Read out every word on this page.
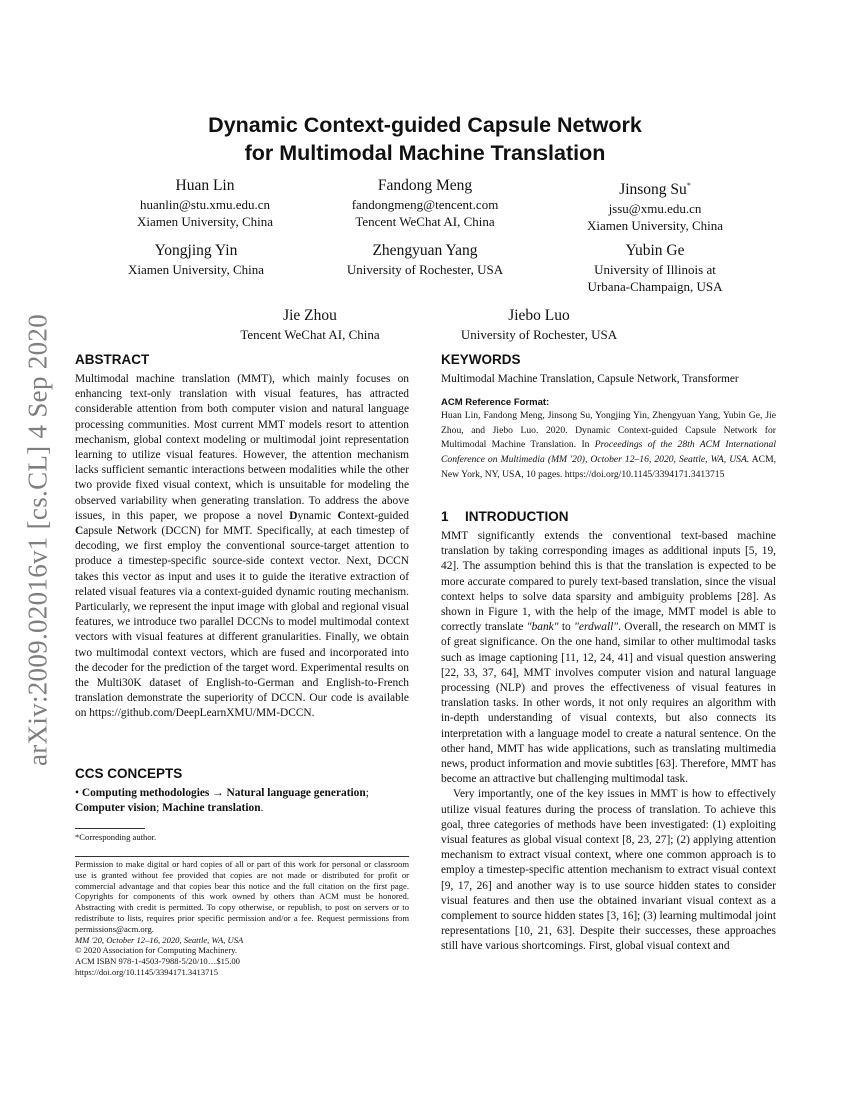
arXiv:2009.02016v1 [cs.CL] 4 Sep 2020
Dynamic Context-guided Capsule Network
for Multimodal Machine Translation
Huan Lin
huanlin@stu.xmu.edu.cn
Xiamen University, China
Fandong Meng
fandongmeng@tencent.com
Tencent WeChat AI, China
Jinsong Su*
jssu@xmu.edu.cn
Xiamen University, China
Yongjing Yin
Xiamen University, China
Zhengyuan Yang
University of Rochester, USA
Yubin Ge
University of Illinois at
Urbana-Champaign, USA
Jie Zhou
Tencent WeChat AI, China
Jiebo Luo
University of Rochester, USA
ABSTRACT
Multimodal machine translation (MMT), which mainly focuses on enhancing text-only translation with visual features, has attracted considerable attention from both computer vision and natural language processing communities. Most current MMT models resort to attention mechanism, global context modeling or multimodal joint representation learning to utilize visual features. However, the attention mechanism lacks sufficient semantic interactions between modalities while the other two provide fixed visual context, which is unsuitable for modeling the observed variability when generating translation. To address the above issues, in this paper, we propose a novel Dynamic Context-guided Capsule Network (DCCN) for MMT. Specifically, at each timestep of decoding, we first employ the conventional source-target attention to produce a timestep-specific source-side context vector. Next, DCCN takes this vector as input and uses it to guide the iterative extraction of related visual features via a context-guided dynamic routing mechanism. Particularly, we represent the input image with global and regional visual features, we introduce two parallel DCCNs to model multimodal context vectors with visual features at different granularities. Finally, we obtain two multimodal context vectors, which are fused and incorporated into the decoder for the prediction of the target word. Experimental results on the Multi30K dataset of English-to-German and English-to-French translation demonstrate the superiority of DCCN. Our code is available on https://github.com/DeepLearnXMU/MM-DCCN.
CCS CONCEPTS
• Computing methodologies → Natural language generation; Computer vision; Machine translation.
*Corresponding author.
Permission to make digital or hard copies of all or part of this work for personal or classroom use is granted without fee provided that copies are not made or distributed for profit or commercial advantage and that copies bear this notice and the full citation on the first page. Copyrights for components of this work owned by others than ACM must be honored. Abstracting with credit is permitted. To copy otherwise, or republish, to post on servers or to redistribute to lists, requires prior specific permission and/or a fee. Request permissions from permissions@acm.org.
MM '20, October 12–16, 2020, Seattle, WA, USA
© 2020 Association for Computing Machinery.
ACM ISBN 978-1-4503-7988-5/20/10…$15.00
https://doi.org/10.1145/3394171.3413715
KEYWORDS
Multimodal Machine Translation, Capsule Network, Transformer
ACM Reference Format:
Huan Lin, Fandong Meng, Jinsong Su, Yongjing Yin, Zhengyuan Yang, Yubin Ge, Jie Zhou, and Jiebo Luo. 2020. Dynamic Context-guided Capsule Network for Multimodal Machine Translation. In Proceedings of the 28th ACM International Conference on Multimedia (MM '20), October 12–16, 2020, Seattle, WA, USA. ACM, New York, NY, USA, 10 pages. https://doi.org/10.1145/3394171.3413715
1 INTRODUCTION
MMT significantly extends the conventional text-based machine translation by taking corresponding images as additional inputs [5, 19, 42]. The assumption behind this is that the translation is expected to be more accurate compared to purely text-based translation, since the visual context helps to solve data sparsity and ambiguity problems [28]. As shown in Figure 1, with the help of the image, MMT model is able to correctly translate "bank" to "erdwall". Overall, the research on MMT is of great significance. On the one hand, similar to other multimodal tasks such as image captioning [11, 12, 24, 41] and visual question answering [22, 33, 37, 64], MMT involves computer vision and natural language processing (NLP) and proves the effectiveness of visual features in translation tasks. In other words, it not only requires an algorithm with in-depth understanding of visual contexts, but also connects its interpretation with a language model to create a natural sentence. On the other hand, MMT has wide applications, such as translating multimedia news, product information and movie subtitles [63]. Therefore, MMT has become an attractive but challenging multimodal task.
Very importantly, one of the key issues in MMT is how to effectively utilize visual features during the process of translation. To achieve this goal, three categories of methods have been investigated: (1) exploiting visual features as global visual context [8, 23, 27]; (2) applying attention mechanism to extract visual context, where one common approach is to employ a timestep-specific attention mechanism to extract visual context [9, 17, 26] and another way is to use source hidden states to consider visual features and then use the obtained invariant visual context as a complement to source hidden states [3, 16]; (3) learning multimodal joint representations [10, 21, 63]. Despite their successes, these approaches still have various shortcomings. First, global visual context and
